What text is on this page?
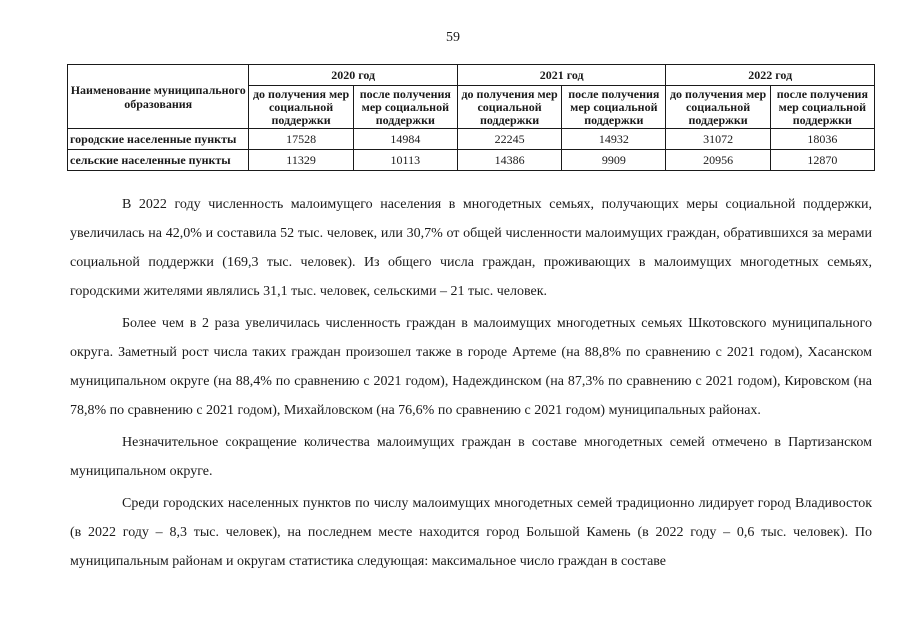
59
Наименование муниципального образования	2020 год		2021 год		2022 год	
	до получения мер социальной поддержки	после получения мер социальной поддержки	до получения мер социальной поддержки	после получения мер социальной поддержки	до получения мер социальной поддержки	после получения мер социальной поддержки
городские населенные пункты	17528	14984	22245	14932	31072	18036
сельские населенные пункты	11329	10113	14386	9909	20956	12870

В 2022 году численность малоимущего населения в многодетных семьях, получающих меры социальной поддержки, увеличилась на 42,0% и составила 52 тыс. человек, или 30,7% от общей численности малоимущих граждан, обратившихся за мерами социальной поддержки (169,3 тыс. человек). Из общего числа граждан, проживающих в малоимущих многодетных семьях, городскими жителями являлись 31,1 тыс. человек, сельскими – 21 тыс. человек.

Более чем в 2 раза увеличилась численность граждан в малоимущих многодетных семьях Шкотовского муниципального округа. Заметный рост числа таких граждан произошел также в городе Артеме (на 88,8% по сравнению с 2021 годом), Хасанском муниципальном округе (на 88,4% по сравнению с 2021 годом), Надеждинском (на 87,3% по сравнению с 2021 годом), Кировском (на 78,8% по сравнению с 2021 годом), Михайловском (на 76,6% по сравнению с 2021 годом) муниципальных районах.

Незначительное сокращение количества малоимущих граждан в составе многодетных семей отмечено в Партизанском муниципальном округе.

Среди городских населенных пунктов по числу малоимущих многодетных семей традиционно лидирует город Владивосток (в 2022 году – 8,3 тыс. человек), на последнем месте находится город Большой Камень (в 2022 году – 0,6 тыс. человек). По муниципальным районам и округам статистика следующая: максимальное число граждан в составе
